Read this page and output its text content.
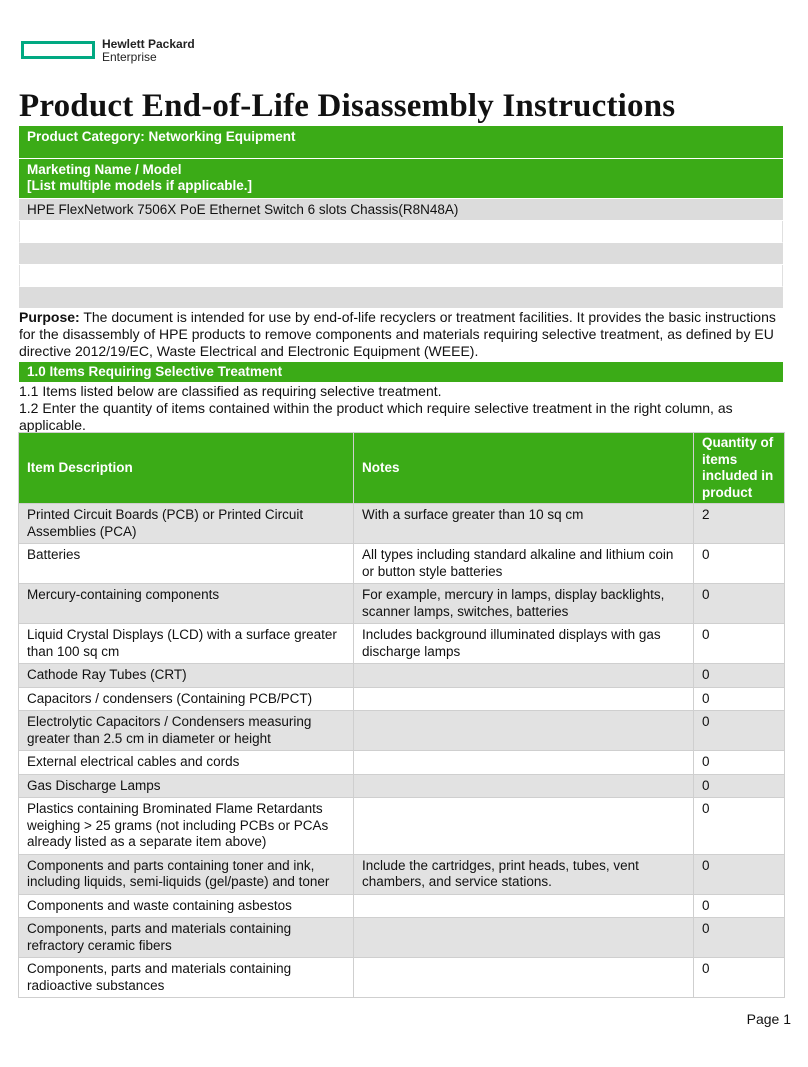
Hewlett Packard
Enterprise
Product End-of-Life Disassembly Instructions
Product Category: Networking Equipment
Marketing Name / Model
[List multiple models if applicable.]
HPE FlexNetwork 7506X PoE Ethernet Switch 6 slots Chassis(R8N48A)
Purpose: The document is intended for use by end-of-life recyclers or treatment facilities. It provides the basic instructions for the disassembly of HPE products to remove components and materials requiring selective treatment, as defined by EU directive 2012/19/EC, Waste Electrical and Electronic Equipment (WEEE).
1.0 Items Requiring Selective Treatment
1.1 Items listed below are classified as requiring selective treatment.
1.2 Enter the quantity of items contained within the product which require selective treatment in the right column, as applicable.
Item Description	Notes	Quantity of items included in product
Printed Circuit Boards (PCB) or Printed Circuit Assemblies (PCA)	With a surface greater than 10 sq cm	2
Batteries	All types including standard alkaline and lithium coin or button style batteries	0
Mercury-containing components	For example, mercury in lamps, display backlights, scanner lamps, switches, batteries	0
Liquid Crystal Displays (LCD) with a surface greater than 100 sq cm	Includes background illuminated displays with gas discharge lamps	0
Cathode Ray Tubes (CRT)		0
Capacitors / condensers (Containing PCB/PCT)		0
Electrolytic Capacitors / Condensers measuring greater than 2.5 cm in diameter or height		0
External electrical cables and cords		0
Gas Discharge Lamps		0
Plastics containing Brominated Flame Retardants weighing > 25 grams (not including PCBs or PCAs already listed as a separate item above)		0
Components and parts containing toner and ink, including liquids, semi-liquids (gel/paste) and toner	Include the cartridges, print heads, tubes, vent chambers, and service stations.	0
Components and waste containing asbestos		0
Components, parts and materials containing refractory ceramic fibers		0
Components, parts and materials containing radioactive substances		0
Page 1
